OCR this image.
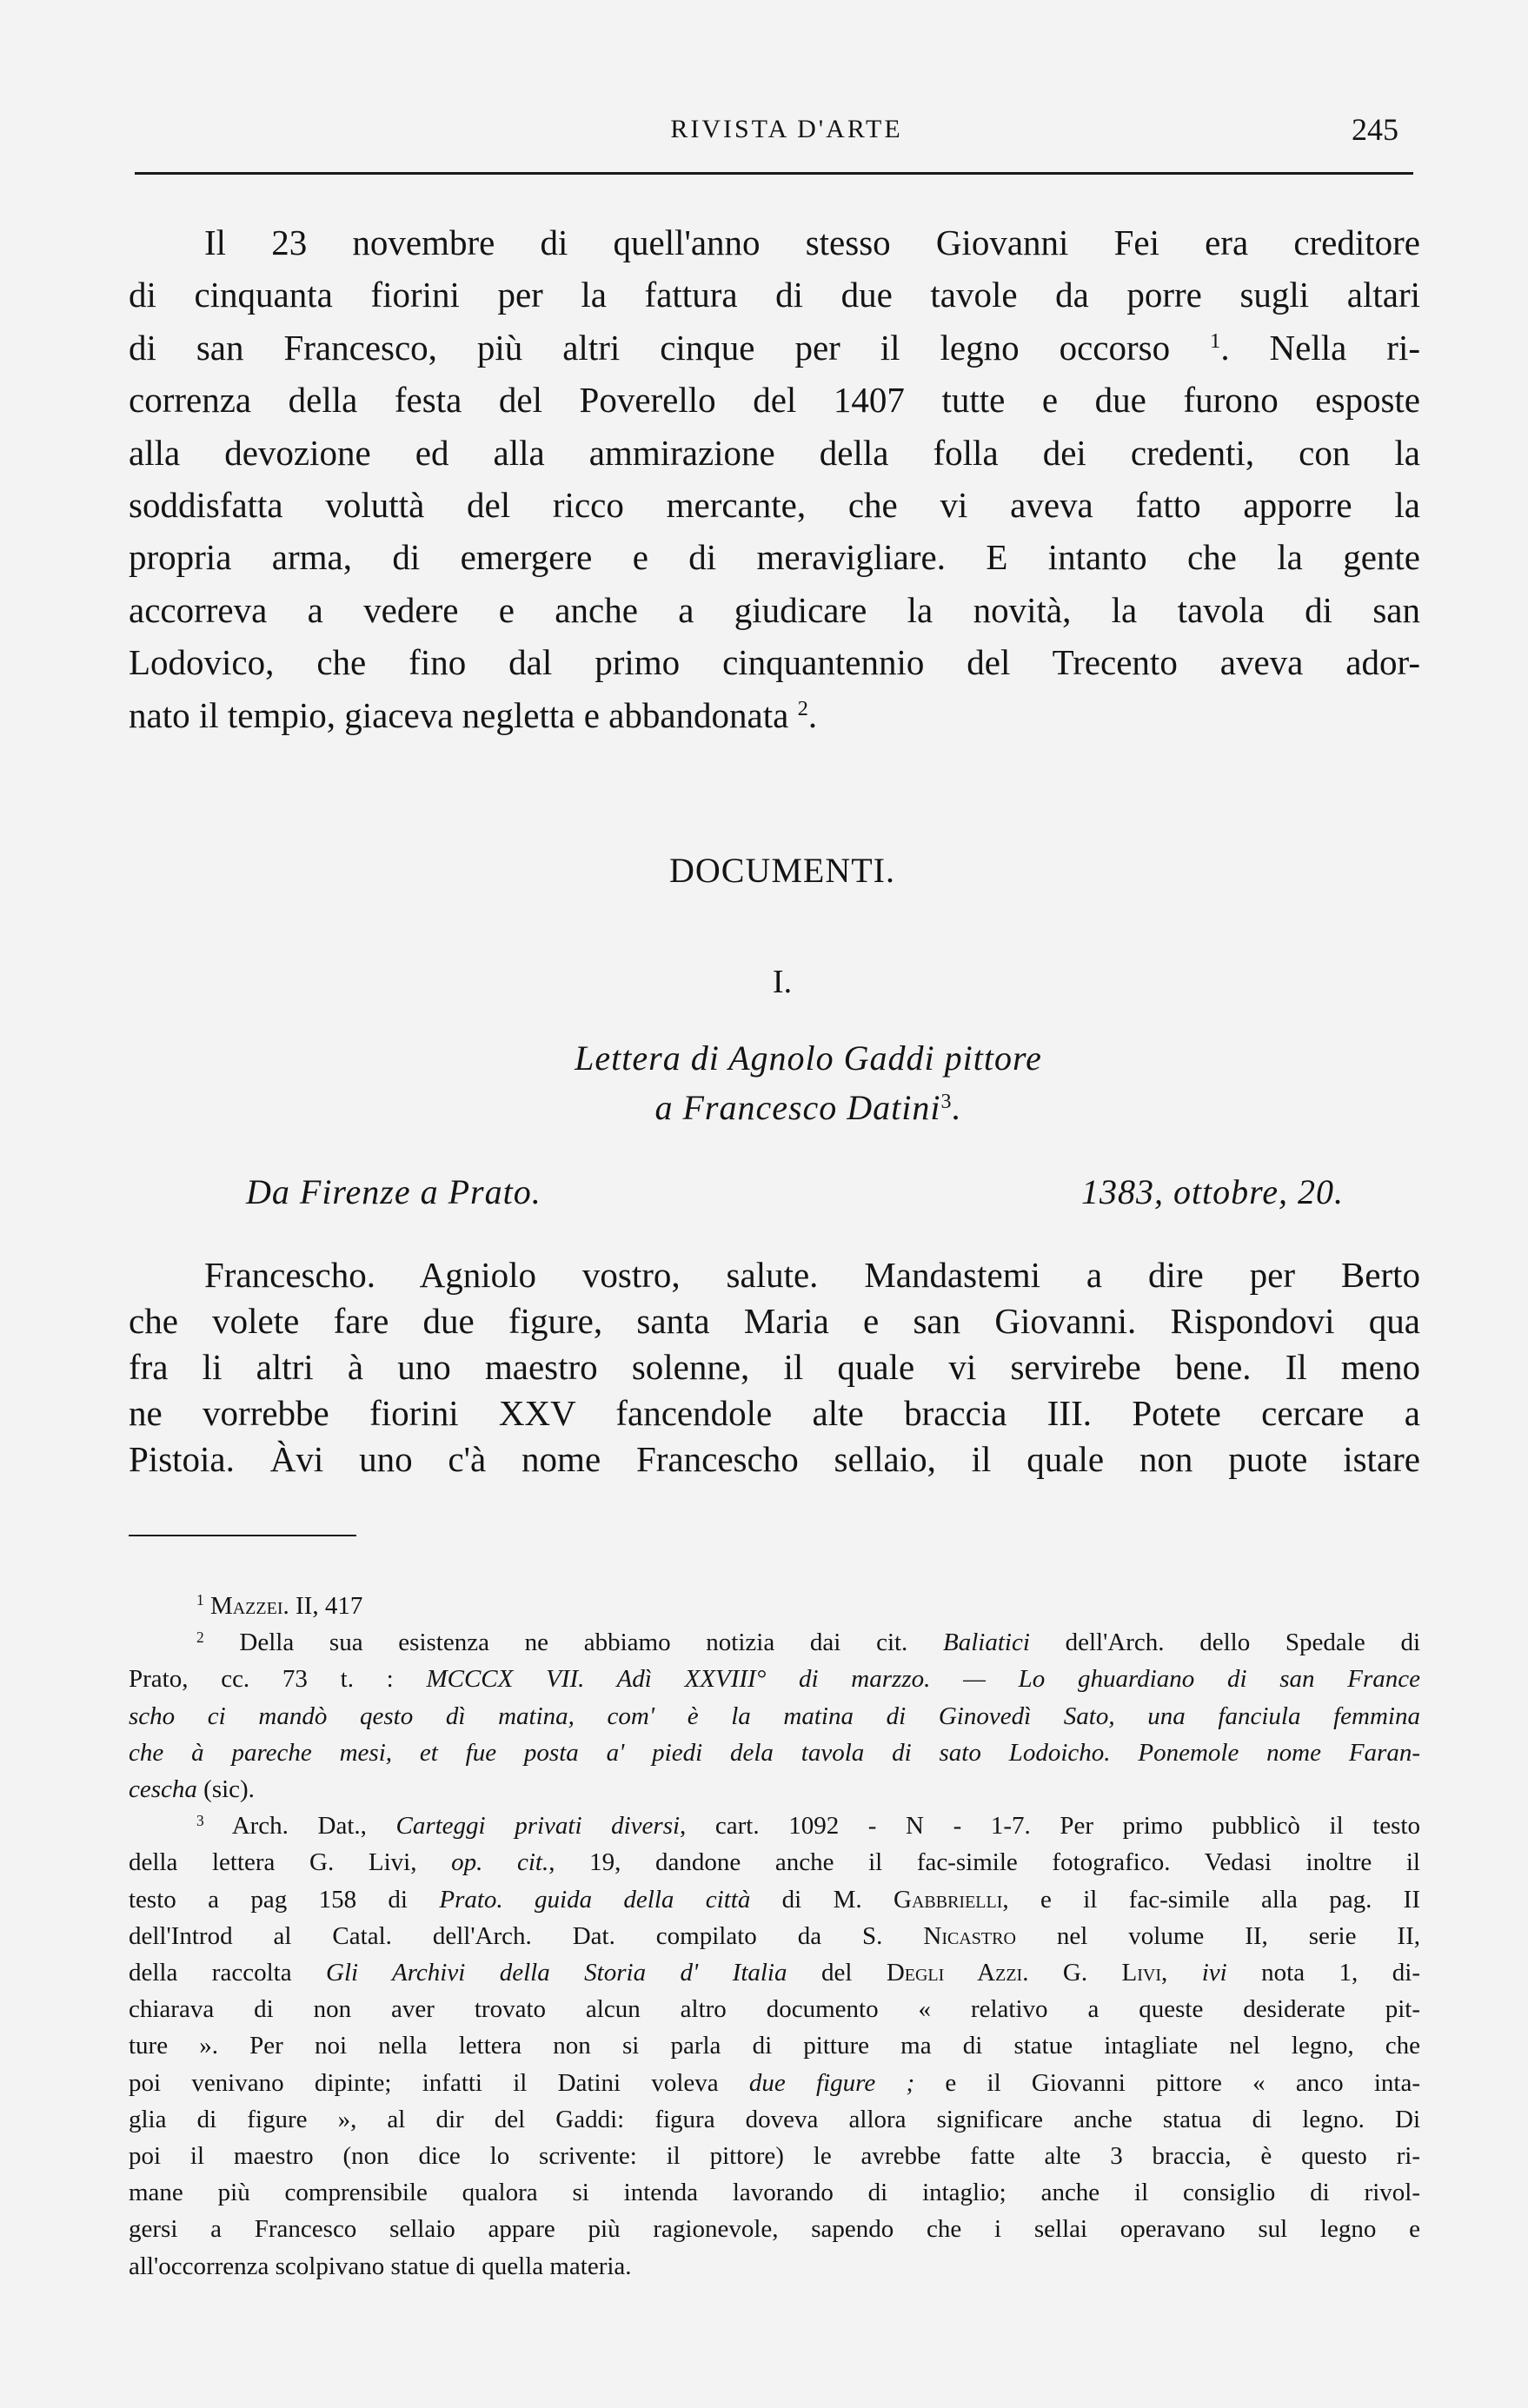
RIVISTA D'ARTE	245
Il 23 novembre di quell'anno stesso Giovanni Fei era creditore
di cinquanta fiorini per la fattura di due tavole da porre sugli altari
di san Francesco, più altri cinque per il legno occorso $^1$. Nella ri-
correnza della festa del Poverello del 1407 tutte e due furono esposte
alla devozione ed alla ammirazione della folla dei credenti, con la
soddisfatta voluttà del ricco mercante, che vi aveva fatto apporre la
propria arma, di emergere e di meravigliare. E intanto che la gente
accorreva a vedere e anche a giudicare la novità, la tavola di san
Lodovico, che fino dal primo cinquantennio del Trecento aveva ador-
nato il tempio, giaceva negletta e abbandonata $^2$.
DOCUMENTI.
I.
Lettera di Agnolo Gaddi pittore
a Francesco Datini$^3$.
Da Firenze a Prato.	1383, ottobre, 20.
Francescho. Agniolo vostro, salute. Mandastemi a dire per Berto
che volete fare due figure, santa Maria e san Giovanni. Rispondovi qua
fra li altri à uno maestro solenne, il quale vi servirebe bene. Il meno
ne vorrebbe fiorini XXV fancendole alte braccia III. Potete cercare a
Pistoia. Àvi uno c'à nome Francescho sellaio, il quale non puote istare
$^1$ Mazzei. II, 417
$^2$ Della sua esistenza ne abbiamo notizia dai cit. Baliatici dell'Arch. dello Spedale di
Prato, cc. 73 t. : MCCCX VII. Adì XXVIII° di marzzo. — Lo ghuardiano di san France
scho ci mandò qesto dì matina, com' è la matina di Ginovedì Sato, una fanciula femmina
che à pareche mesi, et fue posta a' piedi dela tavola di sato Lodoicho. Ponemole nome Faran-
cescha (sic).
$^3$ Arch. Dat., Carteggi privati diversi, cart. 1092 - N - 1-7. Per primo pubblicò il testo
della lettera G. Livi, op. cit., 19, dandone anche il fac-simile fotografico. Vedasi inoltre il
testo a pag 158 di Prato. guida della città di M. Gabbrielli, e il fac-simile alla pag. II
dell'Introd al Catal. dell'Arch. Dat. compilato da S. Nicastro nel volume II, serie II,
della raccolta Gli Archivi della Storia d' Italia del Degli Azzi. G. Livi, ivi nota 1, di-
chiarava di non aver trovato alcun altro documento « relativo a queste desiderate pit-
ture ». Per noi nella lettera non si parla di pitture ma di statue intagliate nel legno, che
poi venivano dipinte; infatti il Datini voleva due figure ; e il Giovanni pittore « anco inta-
glia di figure », al dir del Gaddi: figura doveva allora significare anche statua di legno. Di
poi il maestro (non dice lo scrivente: il pittore) le avrebbe fatte alte 3 braccia, è questo ri-
mane più comprensibile qualora si intenda lavorando di intaglio; anche il consiglio di rivol-
gersi a Francesco sellaio appare più ragionevole, sapendo che i sellai operavano sul legno e
all'occorrenza scolpivano statue di quella materia.
